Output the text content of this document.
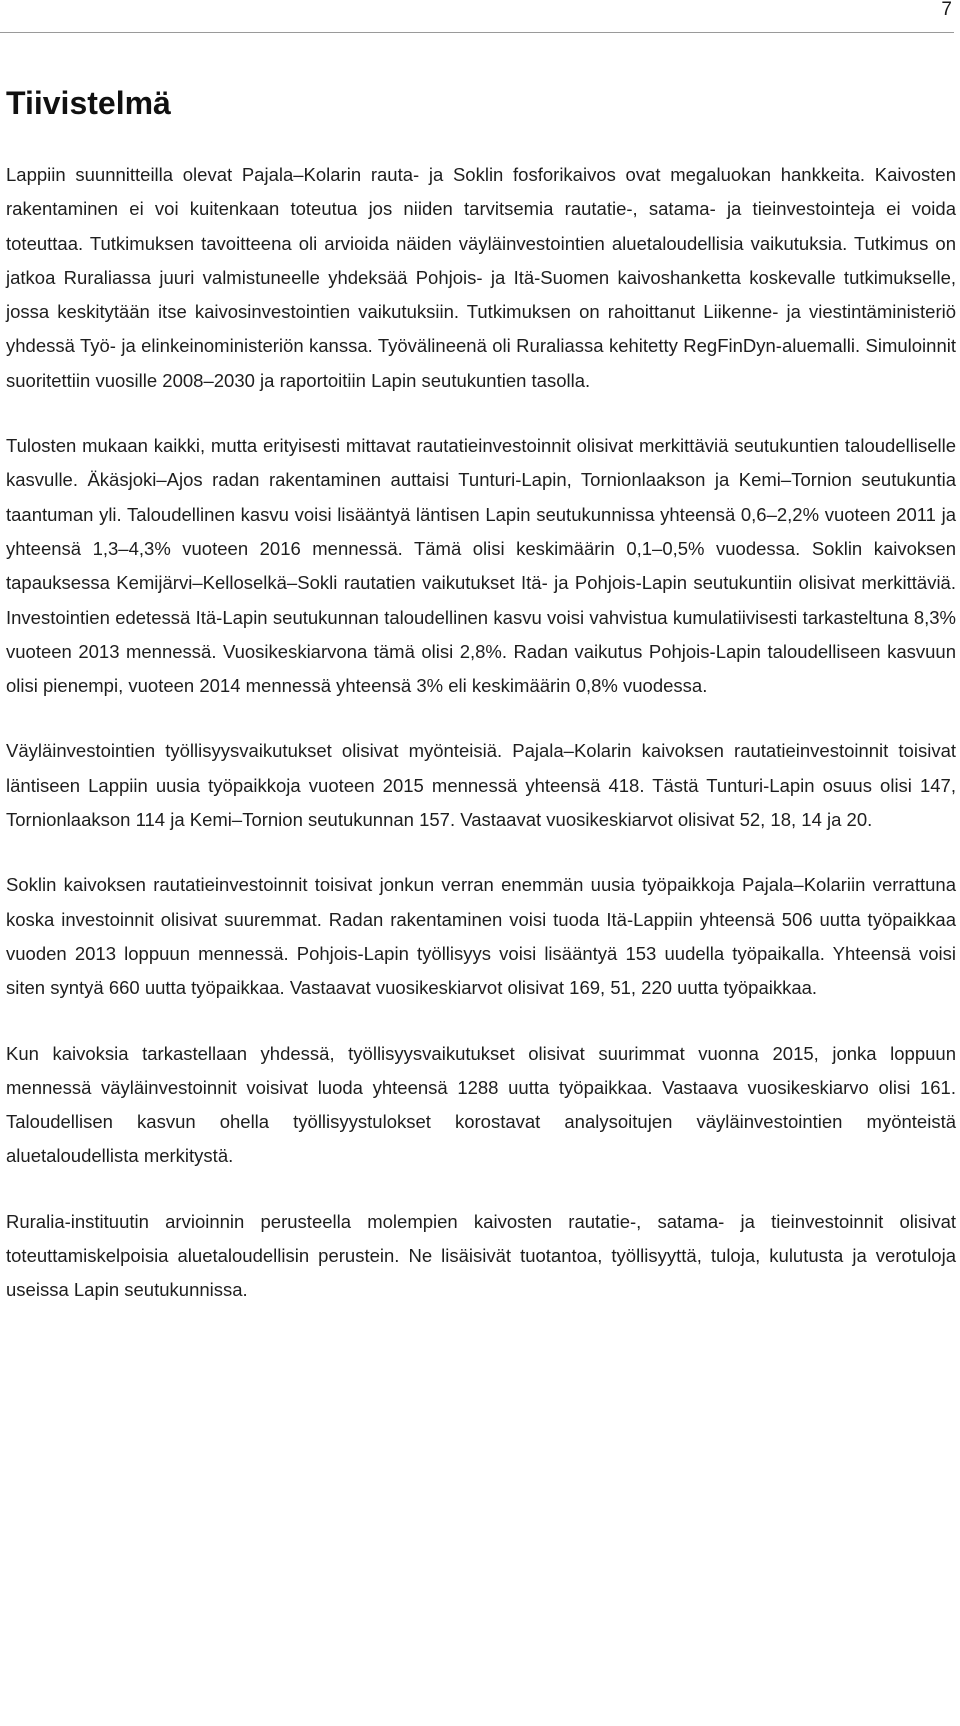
7
Tiivistelmä

Lappiin suunnitteilla olevat Pajala–Kolarin rauta- ja Soklin fosforikaivos ovat megaluokan hankkeita. Kaivosten rakentaminen ei voi kuitenkaan toteutua jos niiden tarvitsemia rautatie-, satama- ja tieinvestointeja ei voida toteuttaa. Tutkimuksen tavoitteena oli arvioida näiden väyläinvestointien aluetaloudellisia vaikutuksia. Tutkimus on jatkoa Ruraliassa juuri valmistuneelle yhdeksää Pohjois- ja Itä-Suomen kaivoshanketta koskevalle tutkimukselle, jossa keskitytään itse kaivosinvestointien vaikutuksiin. Tutkimuksen on rahoittanut Liikenne- ja viestintäministeriö yhdessä Työ- ja elinkeinoministeriön kanssa. Työvälineenä oli Ruraliassa kehitetty RegFinDyn-aluemalli. Simuloinnit suoritettiin vuosille 2008–2030 ja raportoitiin Lapin seutukuntien tasolla.

Tulosten mukaan kaikki, mutta erityisesti mittavat rautatieinvestoinnit olisivat merkittäviä seutukuntien taloudelliselle kasvulle. Äkäsjoki–Ajos radan rakentaminen auttaisi Tunturi-Lapin, Tornionlaakson ja Kemi–Tornion seutukuntia taantuman yli. Taloudellinen kasvu voisi lisääntyä läntisen Lapin seutukunnissa yhteensä 0,6–2,2% vuoteen 2011 ja yhteensä 1,3–4,3% vuoteen 2016 mennessä. Tämä olisi keskimäärin 0,1–0,5% vuodessa. Soklin kaivoksen tapauksessa Kemijärvi–Kelloselkä–Sokli rautatien vaikutukset Itä- ja Pohjois-Lapin seutukuntiin olisivat merkittäviä. Investointien edetessä Itä-Lapin seutukunnan taloudellinen kasvu voisi vahvistua kumulatiivisesti tarkasteltuna 8,3% vuoteen 2013 mennessä. Vuosikeskiarvona tämä olisi 2,8%. Radan vaikutus Pohjois-Lapin taloudelliseen kasvuun olisi pienempi, vuoteen 2014 mennessä yhteensä 3% eli keskimäärin 0,8% vuodessa.

Väyläinvestointien työllisyysvaikutukset olisivat myönteisiä. Pajala–Kolarin kaivoksen rautatieinvestoinnit toisivat läntiseen Lappiin uusia työpaikkoja vuoteen 2015 mennessä yhteensä 418. Tästä Tunturi-Lapin osuus olisi 147, Tornionlaakson 114 ja Kemi–Tornion seutukunnan 157. Vastaavat vuosikeskiarvot olisivat 52, 18, 14 ja 20.

Soklin kaivoksen rautatieinvestoinnit toisivat jonkun verran enemmän uusia työpaikkoja Pajala–Kolariin verrattuna koska investoinnit olisivat suuremmat. Radan rakentaminen voisi tuoda Itä-Lappiin yhteensä 506 uutta työpaikkaa vuoden 2013 loppuun mennessä. Pohjois-Lapin työllisyys voisi lisääntyä 153 uudella työpaikalla. Yhteensä voisi siten syntyä 660 uutta työpaikkaa. Vastaavat vuosikeskiarvot olisivat 169, 51, 220 uutta työpaikkaa.

Kun kaivoksia tarkastellaan yhdessä, työllisyysvaikutukset olisivat suurimmat vuonna 2015, jonka loppuun mennessä väyläinvestoinnit voisivat luoda yhteensä 1288 uutta työpaikkaa. Vastaava vuosikeskiarvo olisi 161. Taloudellisen kasvun ohella työllisyystulokset korostavat analysoitujen väyläinvestointien myönteistä aluetaloudellista merkitystä.

Ruralia-instituutin arvioinnin perusteella molempien kaivosten rautatie-, satama- ja tieinvestoinnit olisivat toteuttamiskelpoisia aluetaloudellisin perustein. Ne lisäisivät tuotantoa, työllisyyttä, tuloja, kulutusta ja verotuloja useissa Lapin seutukunnissa.
